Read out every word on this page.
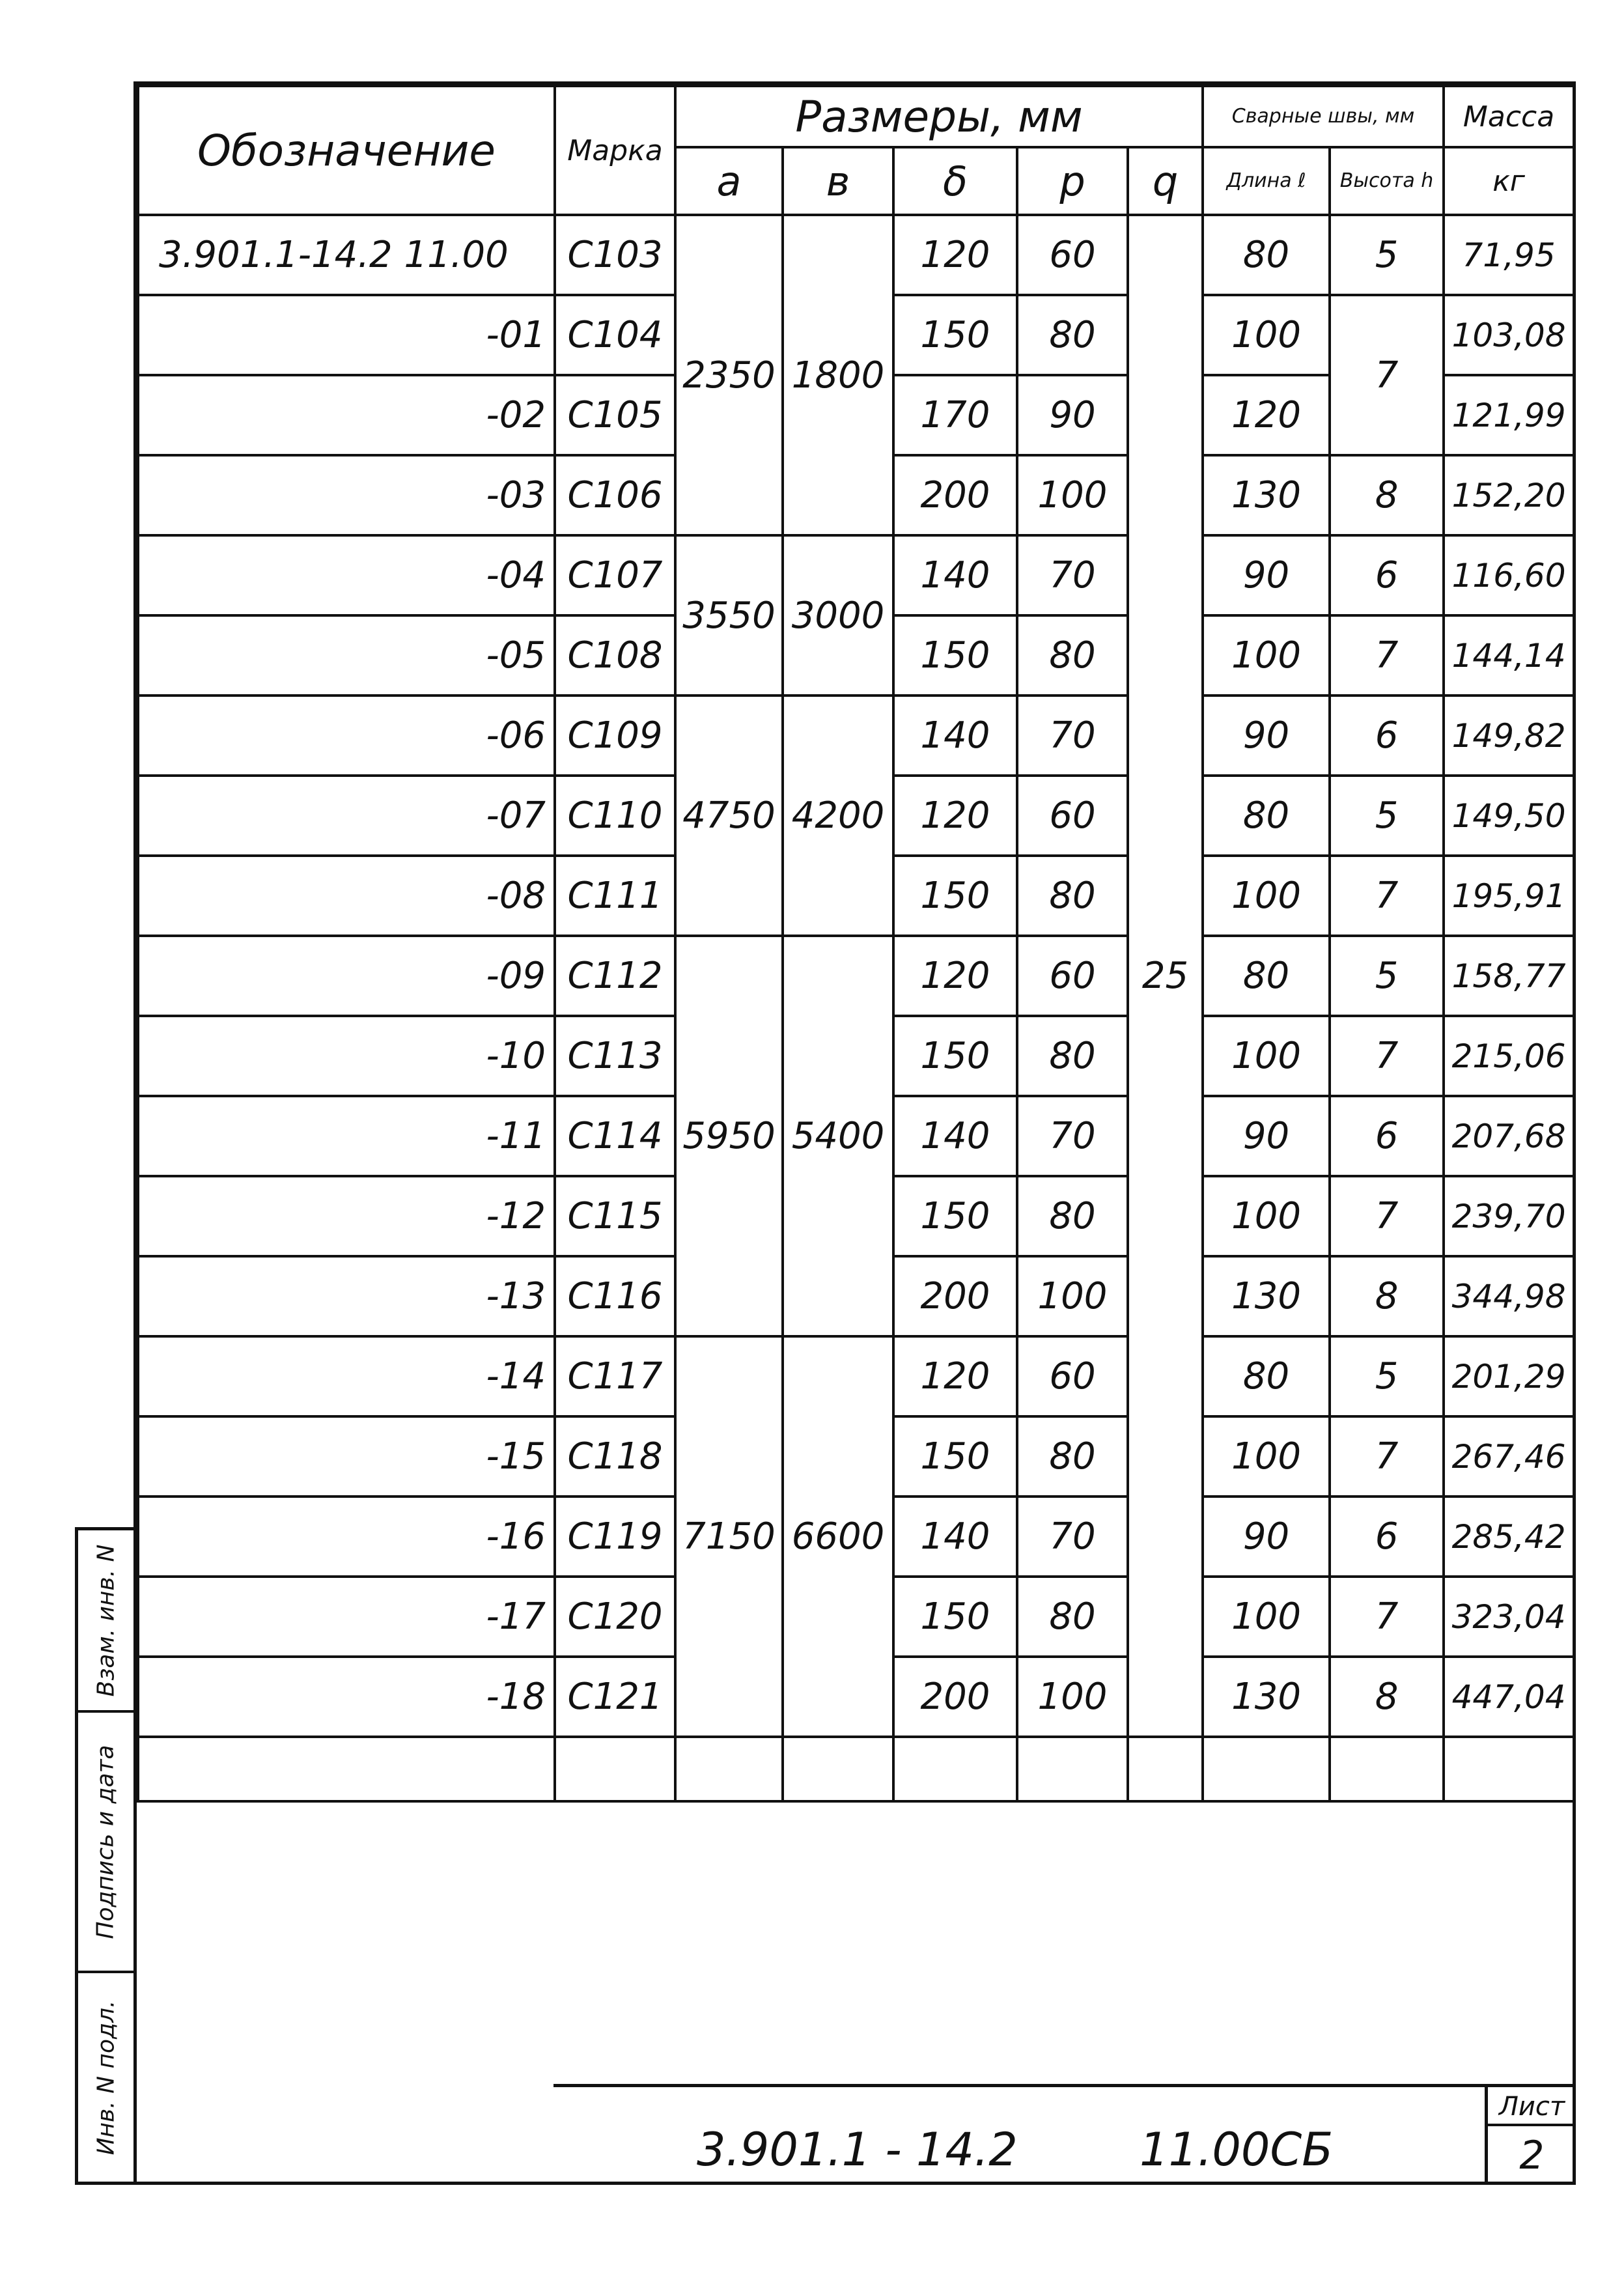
Обозначение	Марка	Размеры, мм					Сварные швы, мм		Масса
		а	в	δ	р	q	Длина ℓ	Высота h	кг
3.901.1-14.2 11.00	С103	2350	1800	120	60	25	80	5	71,95
-01	С104			150	80		100	7	103,08
-02	С105			170	90		120		121,99
-03	С106			200	100		130	8	152,20
-04	С107	3550	3000	140	70		90	6	116,60
-05	С108			150	80		100	7	144,14
-06	С109	4750	4200	140	70		90	6	149,82
-07	С110			120	60		80	5	149,50
-08	С111			150	80		100	7	195,91
-09	С112	5950	5400	120	60		80	5	158,77
-10	С113			150	80		100	7	215,06
-11	С114			140	70		90	6	207,68
-12	С115			150	80		100	7	239,70
-13	С116			200	100		130	8	344,98
-14	С117	7150	6600	120	60		80	5	201,29
-15	С118			150	80		100	7	267,46
-16	С119			140	70		90	6	285,42
-17	С120			150	80		100	7	323,04
-18	С121			200	100		130	8	447,04

Взам. инв. N
Подпись и дата
Инв. N подл.	3.901.1 - 14.2	11.00СБ
Лист
2
